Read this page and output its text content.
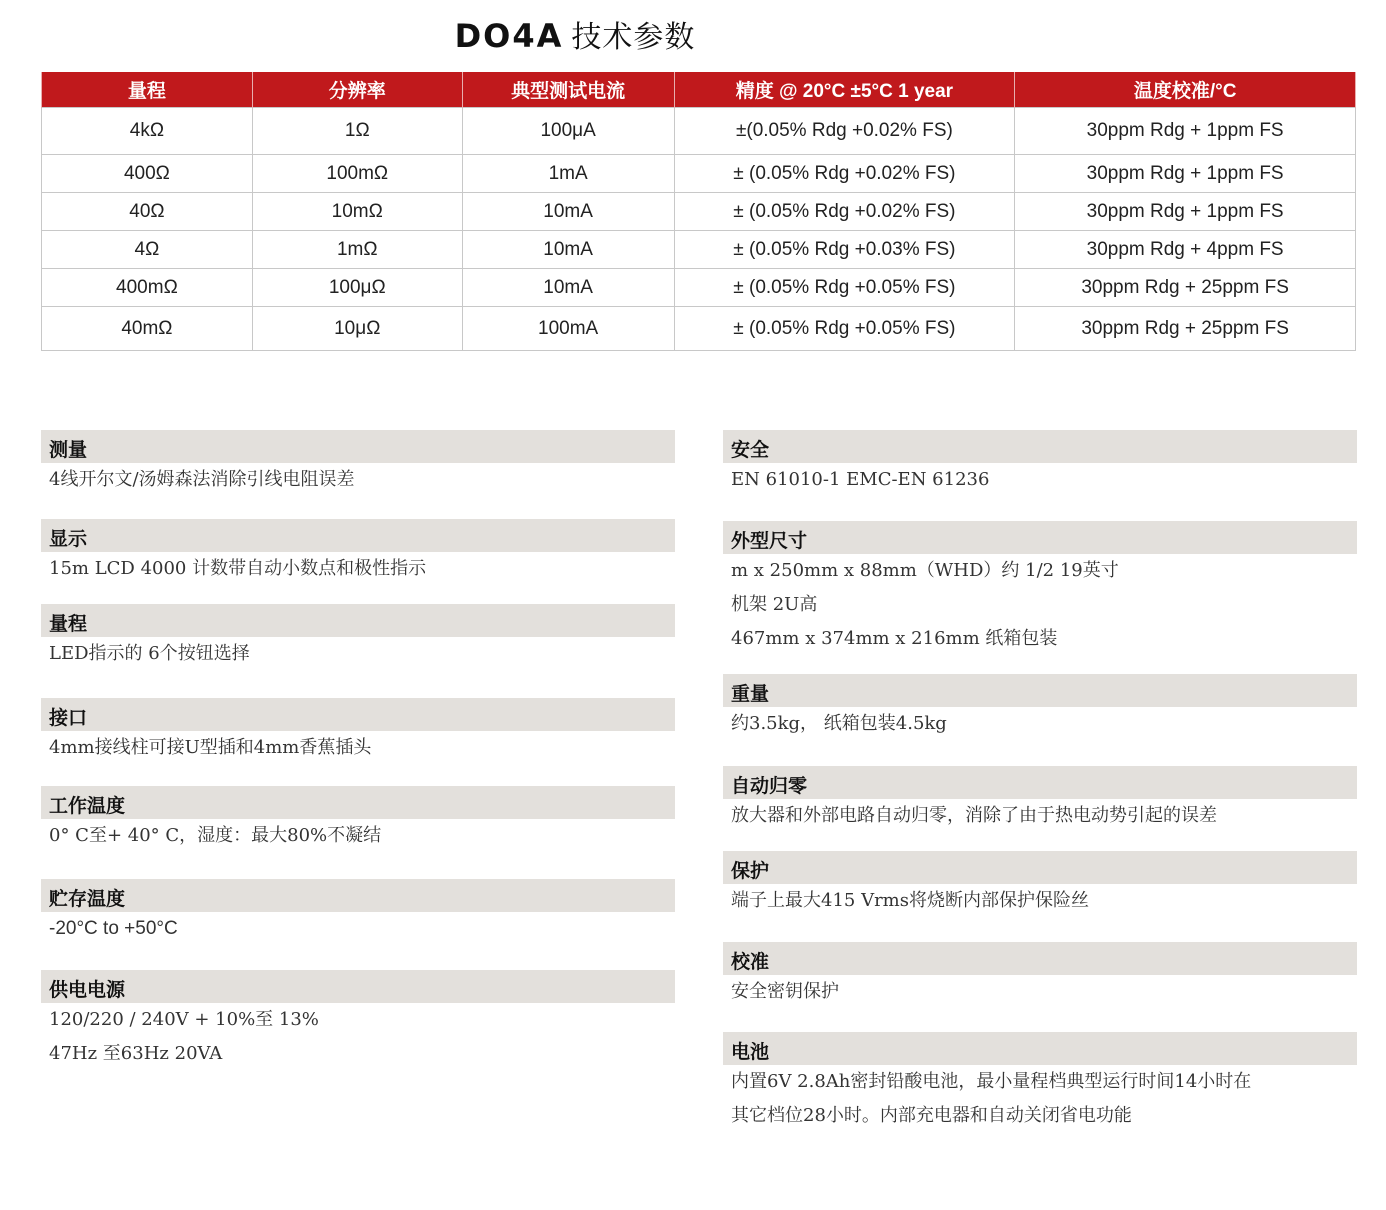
DO4A 技术参数
量程	分辨率	典型测试电流	精度 @ 20°C ±5°C 1 year	温度校准/°C
4kΩ	1Ω	100μA	±(0.05% Rdg +0.02% FS)	30ppm Rdg + 1ppm FS
400Ω	100mΩ	1mA	± (0.05% Rdg +0.02% FS)	30ppm Rdg + 1ppm FS
40Ω	10mΩ	10mA	± (0.05% Rdg +0.02% FS)	30ppm Rdg + 1ppm FS
4Ω	1mΩ	10mA	± (0.05% Rdg +0.03% FS)	30ppm Rdg + 4ppm FS
400mΩ	100μΩ	10mA	± (0.05% Rdg +0.05% FS)	30ppm Rdg + 25ppm FS
40mΩ	10μΩ	100mA	± (0.05% Rdg +0.05% FS)	30ppm Rdg + 25ppm FS
测量
4线开尔文/汤姆森法消除引线电阻误差
显示
15m LCD 4000 计数带自动小数点和极性指示
量程
LED指示的 6个按钮选择
接口
4mm接线柱可接U型插和4mm香蕉插头
工作温度
0° C至+ 40° C，湿度：最大80%不凝结
贮存温度
-20°C to +50°C
供电电源
120/220 / 240V + 10%至 13%
47Hz 至63Hz 20VA
安全
EN 61010-1 EMC-EN 61236
外型尺寸
m x 250mm x 88mm（WHD）约 1/2 19英寸
机架 2U高
467mm x 374mm x 216mm 纸箱包装
重量
约3.5kg， 纸箱包装4.5kg
自动归零
放大器和外部电路自动归零，消除了由于热电动势引起的误差
保护
端子上最大415 Vrms将烧断内部保护保险丝
校准
安全密钥保护
电池
内置6V 2.8Ah密封铅酸电池，最小量程档典型运行时间14小时在
其它档位28小时。内部充电器和自动关闭省电功能
